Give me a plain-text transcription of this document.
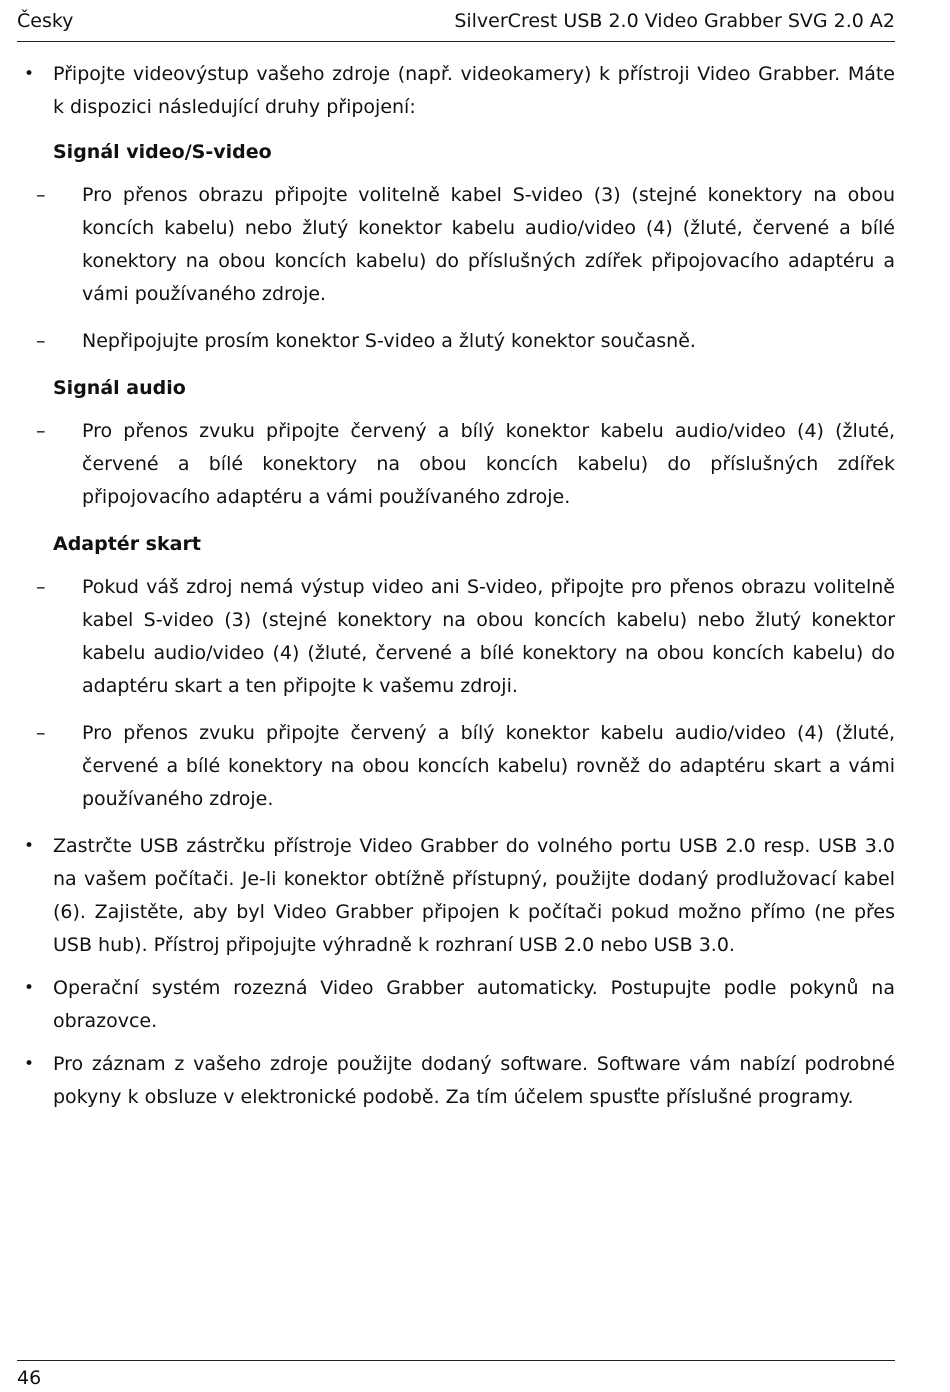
Česky	SilverCrest USB 2.0 Video Grabber SVG 2.0 A2
• Připojte videovýstup vašeho zdroje (např. videokamery) k přístroji Video Grabber. Máte k dispozici následující druhy připojení:
Signál video/S-video
– Pro přenos obrazu připojte volitelně kabel S-video (3) (stejné konektory na obou koncích kabelu) nebo žlutý konektor kabelu audio/video (4) (žluté, červené a bílé konektory na obou koncích kabelu) do příslušných zdířek připojovacího adaptéru a vámi používaného zdroje.
– Nepřipojujte prosím konektor S-video a žlutý konektor současně.
Signál audio
– Pro přenos zvuku připojte červený a bílý konektor kabelu audio/video (4) (žluté, červené a bílé konektory na obou koncích kabelu) do příslušných zdířek připojovacího adaptéru a vámi používaného zdroje.
Adaptér skart
– Pokud váš zdroj nemá výstup video ani S-video, připojte pro přenos obrazu volitelně kabel S-video (3) (stejné konektory na obou koncích kabelu) nebo žlutý konektor kabelu audio/video (4) (žluté, červené a bílé konektory na obou koncích kabelu) do adaptéru skart a ten připojte k vašemu zdroji.
– Pro přenos zvuku připojte červený a bílý konektor kabelu audio/video (4) (žluté, červené a bílé konektory na obou koncích kabelu) rovněž do adaptéru skart a vámi používaného zdroje.
• Zastrčte USB zástrčku přístroje Video Grabber do volného portu USB 2.0 resp. USB 3.0 na vašem počítači. Je-li konektor obtížně přístupný, použijte dodaný prodlužovací kabel (6). Zajistěte, aby byl Video Grabber připojen k počítači pokud možno přímo (ne přes USB hub). Přístroj připojujte výhradně k rozhraní USB 2.0 nebo USB 3.0.
• Operační systém rozezná Video Grabber automaticky. Postupujte podle pokynů na obrazovce.
• Pro záznam z vašeho zdroje použijte dodaný software. Software vám nabízí podrobné pokyny k obsluze v elektronické podobě. Za tím účelem spusťte příslušné programy.
46
